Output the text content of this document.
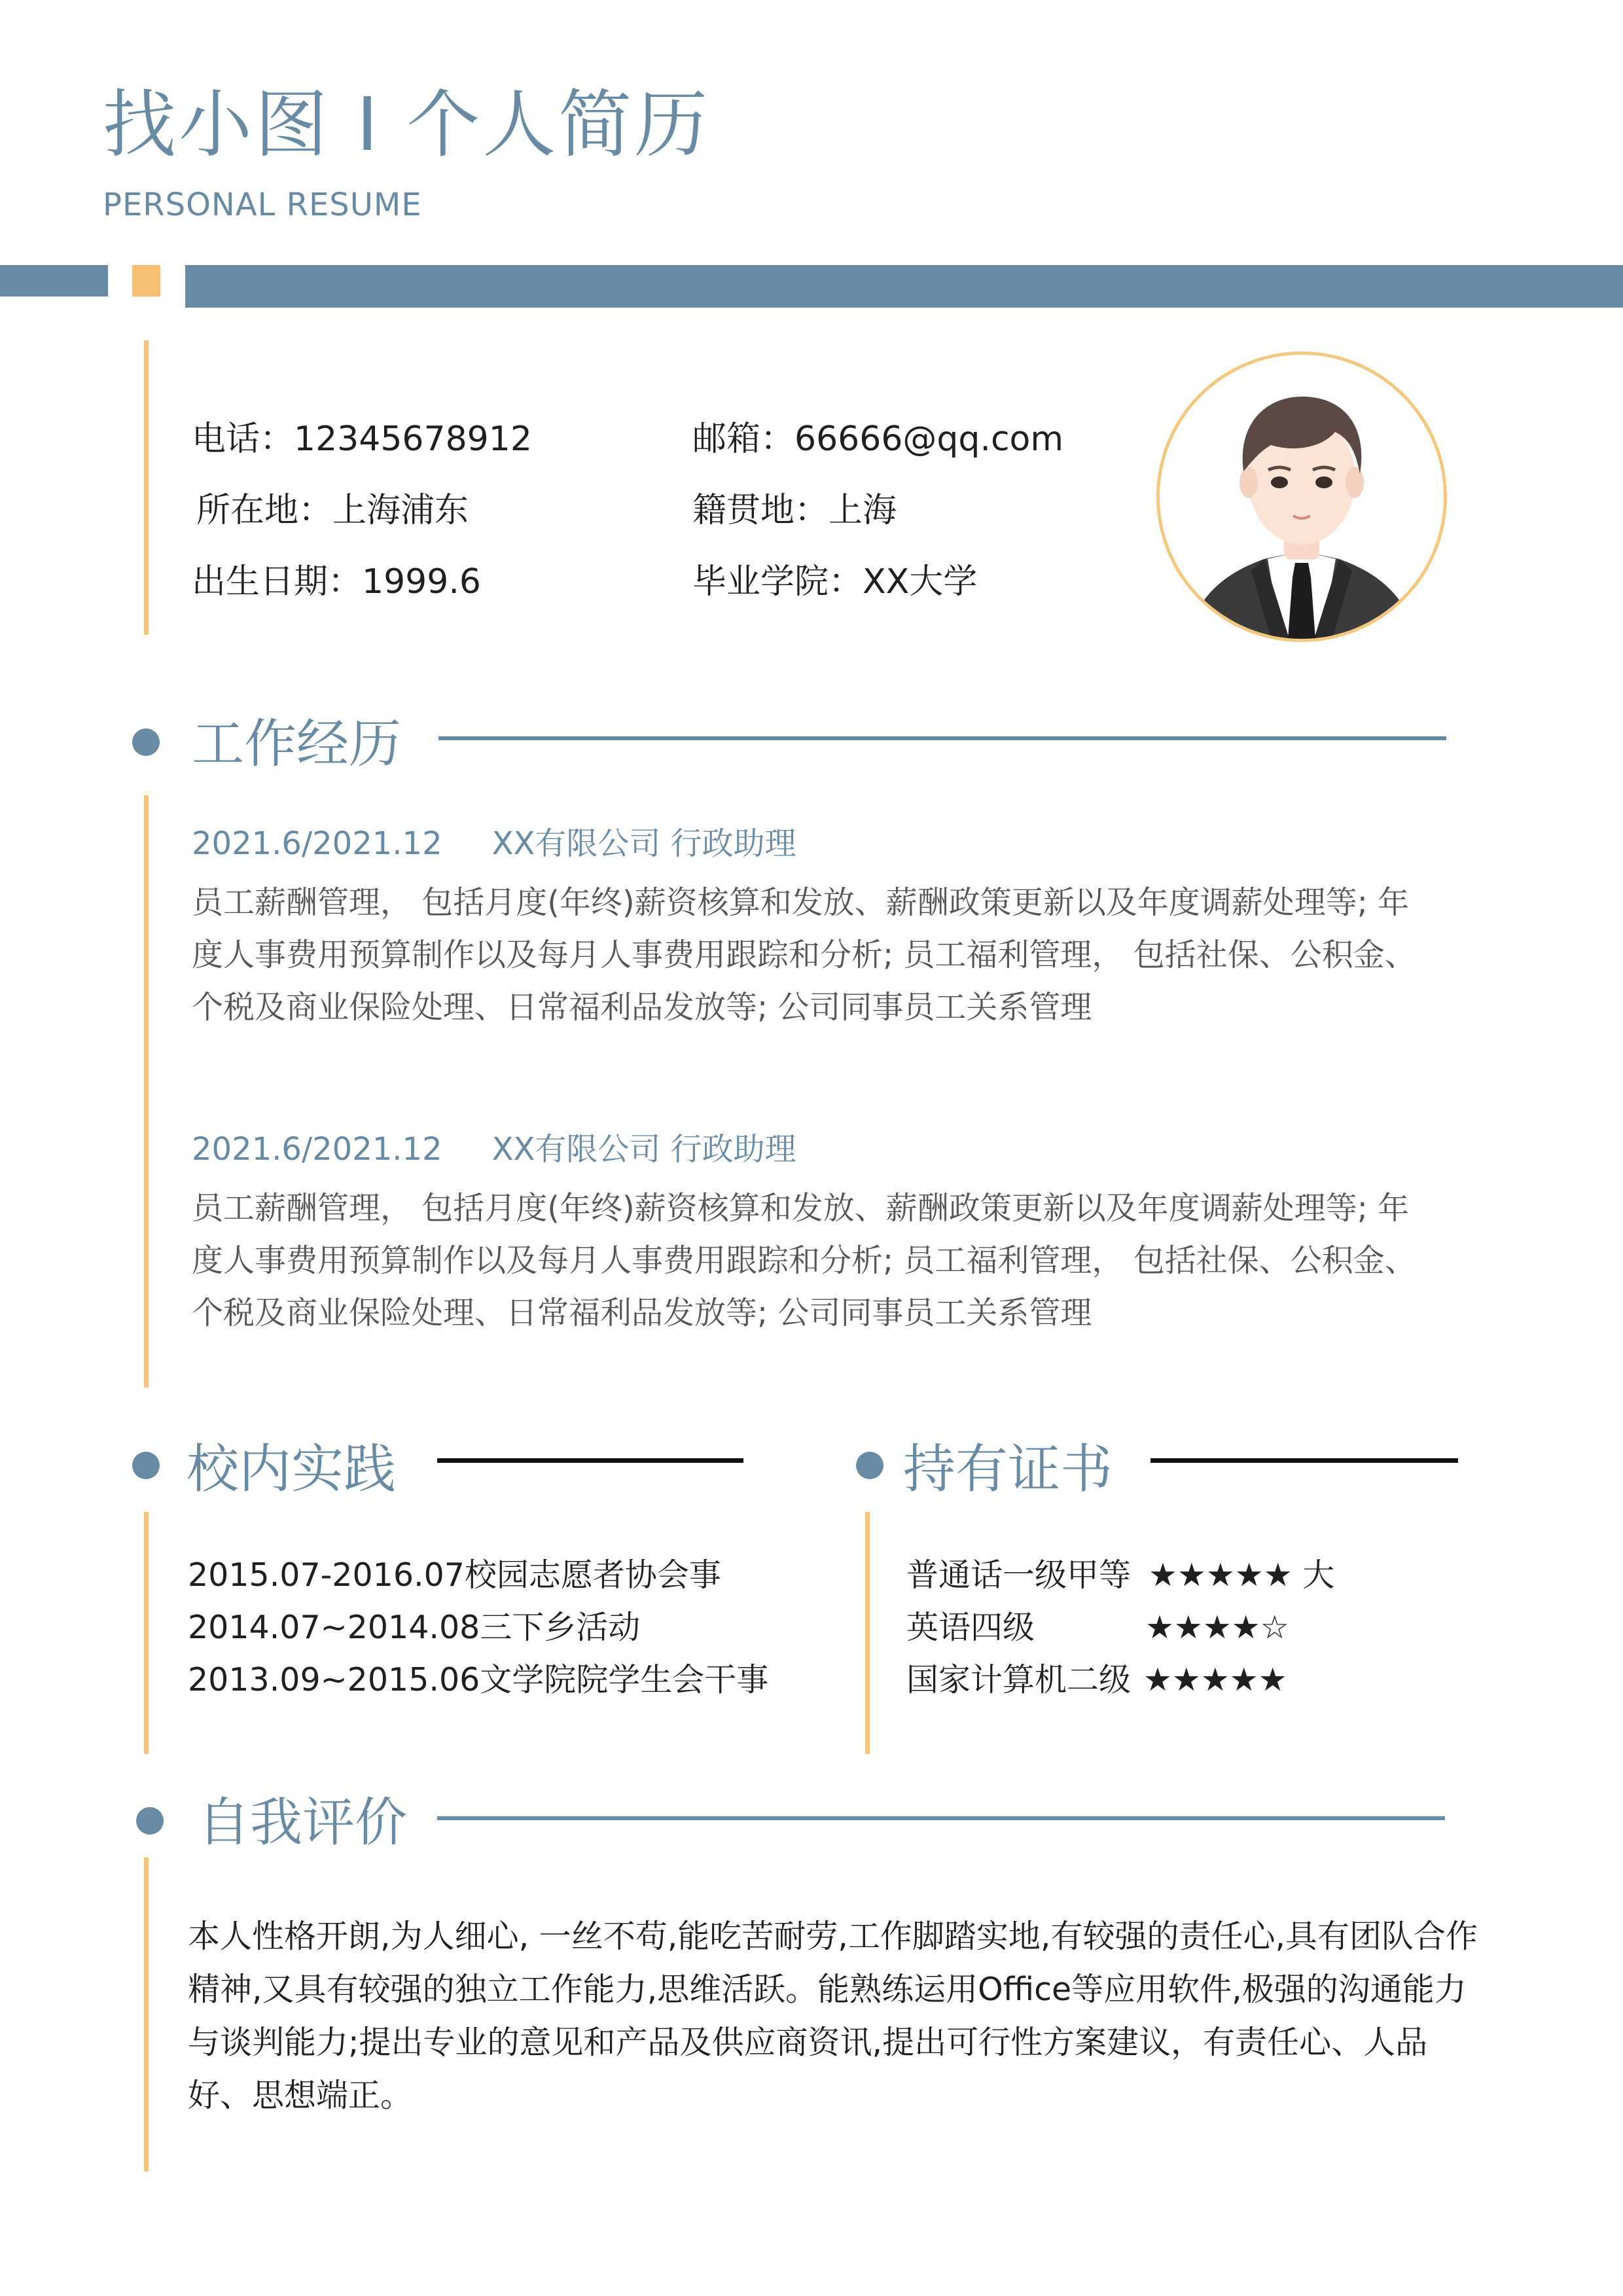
找小图 I 个人简历
PERSONAL RESUME
电话：12345678912	邮箱：66666@qq.com
所在地：上海浦东	籍贯地：上海
出生日期：1999.6	毕业学院：XX大学
工作经历
2021.6/2021.12 XX有限公司 行政助理
员工薪酬管理， 包括月度(年终)薪资核算和发放、薪酬政策更新以及年度调薪处理等; 年度人事费用预算制作以及每月人事费用跟踪和分析; 员工福利管理， 包括社保、公积金、个税及商业保险处理、日常福利品发放等; 公司同事员工关系管理
2021.6/2021.12 XX有限公司 行政助理
员工薪酬管理， 包括月度(年终)薪资核算和发放、薪酬政策更新以及年度调薪处理等; 年度人事费用预算制作以及每月人事费用跟踪和分析; 员工福利管理， 包括社保、公积金、个税及商业保险处理、日常福利品发放等; 公司同事员工关系管理
校内实践
2015.07-2016.07校园志愿者协会事
2014.07~2014.08三下乡活动
2013.09~2015.06文学院院学生会干事
持有证书
普通话一级甲等 ★★★★★ 大
英语四级	★★★★☆
国家计算机二级 ★★★★★
自我评价
本人性格开朗,为人细心, 一丝不苟,能吃苦耐劳,工作脚踏实地,有较强的责任心,具有团队合作精神,又具有较强的独立工作能力,思维活跃。能熟练运用Office等应用软件,极强的沟通能力与谈判能力;提出专业的意见和产品及供应商资讯,提出可行性方案建议，有责任心、人品好、思想端正。
